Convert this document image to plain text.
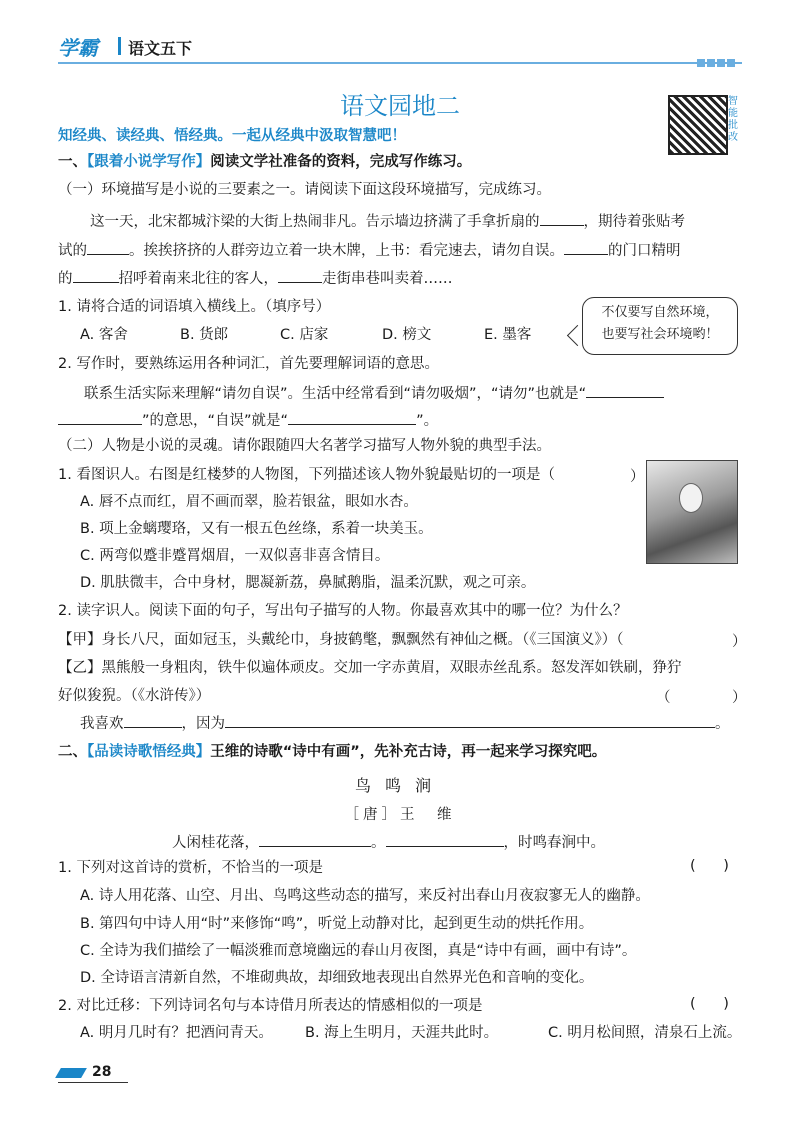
学霸 语文五下
语文园地二	智能批改
知经典、读经典、悟经典。一起从经典中汲取智慧吧！
一、【跟着小说学写作】阅读文学社准备的资料，完成写作练习。
（一）环境描写是小说的三要素之一。请阅读下面这段环境描写，完成练习。
这一天，北宋都城汴梁的大街上热闹非凡。告示墙边挤满了手拿折扇的	，期待着张贴考
试的	。挨挨挤挤的人群旁边立着一块木牌，上书：看完速去，请勿自误。	的门口精明
的	招呼着南来北往的客人，	走街串巷叫卖着……
1. 请将合适的词语填入横线上。（填序号）
A. 客舍	B. 货郎	C. 店家	D. 榜文	E. 墨客
不仅要写自然环境，
也要写社会环境哟！
2. 写作时，要熟练运用各种词汇，首先要理解词语的意思。
联系生活实际来理解“请勿自误”。生活中经常看到“请勿吸烟”，“请勿”也就是“
”的意思，“自误”就是“	”。
（二）人物是小说的灵魂。请你跟随四大名著学习描写人物外貌的典型手法。
1. 看图识人。右图是红楼梦的人物图，下列描述该人物外貌最贴切的一项是（	）
A. 唇不点而红，眉不画而翠，脸若银盆，眼如水杏。
B. 项上金螭璎珞，又有一根五色丝绦，系着一块美玉。
C. 两弯似蹙非蹙罥烟眉，一双似喜非喜含情目。
D. 肌肤微丰，合中身材，腮凝新荔，鼻腻鹅脂，温柔沉默，观之可亲。
2. 读字识人。阅读下面的句子，写出句子描写的人物。你最喜欢其中的哪一位？为什么？
【甲】身长八尺，面如冠玉，头戴纶巾，身披鹤氅，飘飘然有神仙之概。（《三国演义》）（	）
【乙】黑熊般一身粗肉，铁牛似遍体顽皮。交加一字赤黄眉，双眼赤丝乱系。怒发浑如铁刷，狰狞
好似狻猊。（《水浒传》）	（	）
我喜欢	，因为	。
二、【品读诗歌悟经典】王维的诗歌“诗中有画”，先补充古诗，再一起来学习探究吧。
鸟鸣涧
［唐］王　维
人闲桂花落，	。	，时鸣春涧中。
1. 下列对这首诗的赏析，不恰当的一项是	(      )
A. 诗人用花落、山空、月出、鸟鸣这些动态的描写，来反衬出春山月夜寂寥无人的幽静。
B. 第四句中诗人用“时”来修饰“鸣”，听觉上动静对比，起到更生动的烘托作用。
C. 全诗为我们描绘了一幅淡雅而意境幽远的春山月夜图，真是“诗中有画，画中有诗”。
D. 全诗语言清新自然，不堆砌典故，却细致地表现出自然界光色和音响的变化。
2. 对比迁移：下列诗词名句与本诗借月所表达的情感相似的一项是	(      )
A. 明月几时有？把酒问青天。 B. 海上生明月，天涯共此时。	C. 明月松间照，清泉石上流。
28
